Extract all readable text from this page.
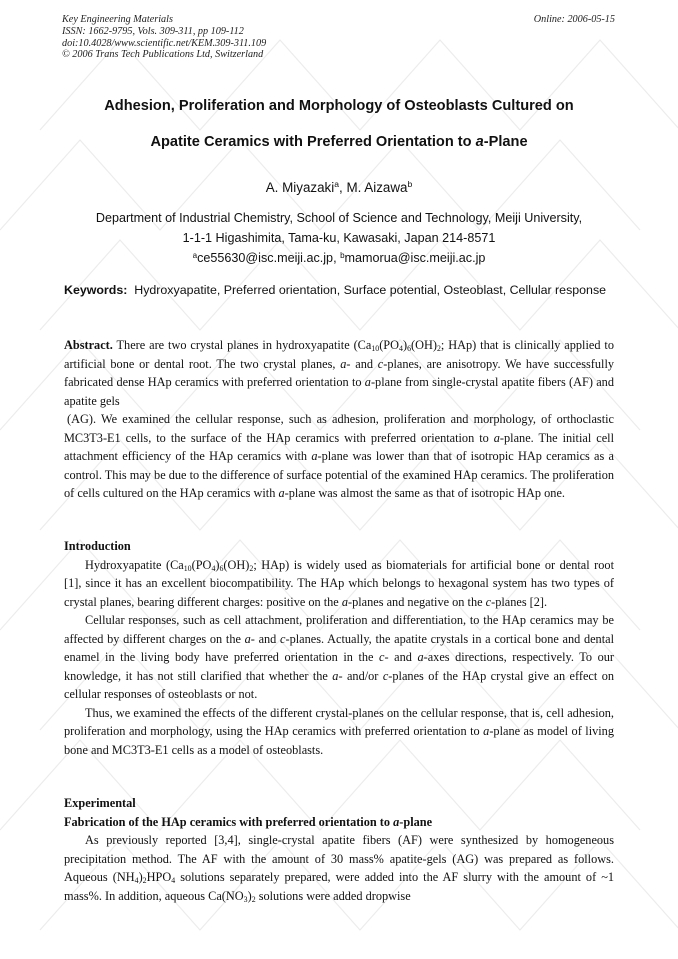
Key Engineering Materials
ISSN: 1662-9795, Vols. 309-311, pp 109-112
doi:10.4028/www.scientific.net/KEM.309-311.109
© 2006 Trans Tech Publications Ltd, Switzerland
Online: 2006-05-15
Adhesion, Proliferation and Morphology of Osteoblasts Cultured on
Apatite Ceramics with Preferred Orientation to a-Plane
A. Miyazaki$^a$, M. Aizawa$^b$
Department of Industrial Chemistry, School of Science and Technology, Meiji University,
1-1-1 Higashimita, Tama-ku, Kawasaki, Japan 214-8571
$^a$ce55630@isc.meiji.ac.jp, $^b$mamorua@isc.meiji.ac.jp
Keywords: Hydroxyapatite, Preferred orientation, Surface potential, Osteoblast, Cellular response

Abstract. There are two crystal planes in hydroxyapatite ($Ca_{10}(PO_4)_6(OH)_2$; HAp) that is clinically applied to artificial bone or dental root. The two crystal planes, a- and c-planes, are anisotropy. We have successfully fabricated dense HAp ceramics with preferred orientation to a-plane from single-crystal apatite fibers (AF) and apatite gels

(AG). We examined the cellular response, such as adhesion, proliferation and morphology, of orthoclastic MC3T3-E1 cells, to the surface of the HAp ceramics with preferred orientation to a-plane. The initial cell attachment efficiency of the HAp ceramics with a-plane was lower than that of isotropic HAp ceramics as a control. This may be due to the difference of surface potential of the examined HAp ceramics. The proliferation of cells cultured on the HAp ceramics with a-plane was almost the same as that of isotropic HAp one.

Introduction

Hydroxyapatite ($Ca_{10}(PO_4)_6(OH)_2$; HAp) is widely used as biomaterials for artificial bone or dental root [1], since it has an excellent biocompatibility. The HAp which belongs to hexagonal system has two types of crystal planes, bearing different charges: positive on the a-planes and negative on the c-planes [2].

Cellular responses, such as cell attachment, proliferation and differentiation, to the HAp ceramics may be affected by different charges on the a- and c-planes. Actually, the apatite crystals in a cortical bone and dental enamel in the living body have preferred orientation in the c- and a-axes directions, respectively. To our knowledge, it has not still clarified that whether the a- and/or c-planes of the HAp crystal give an effect on cellular responses of osteoblasts or not.

Thus, we examined the effects of the different crystal-planes on the cellular response, that is, cell adhesion, proliferation and morphology, using the HAp ceramics with preferred orientation to a-plane as model of living bone and MC3T3-E1 cells as a model of osteoblasts.

Experimental
Fabrication of the HAp ceramics with preferred orientation to a-plane

As previously reported [3,4], single-crystal apatite fibers (AF) were synthesized by homogeneous precipitation method. The AF with the amount of 30 mass% apatite-gels (AG) was prepared as follows. Aqueous $(NH_4)_2HPO_4$ solutions separately prepared, were added into the AF slurry with the amount of ~1 mass%. In addition, aqueous $Ca(NO_3)_2$ solutions were added dropwise
